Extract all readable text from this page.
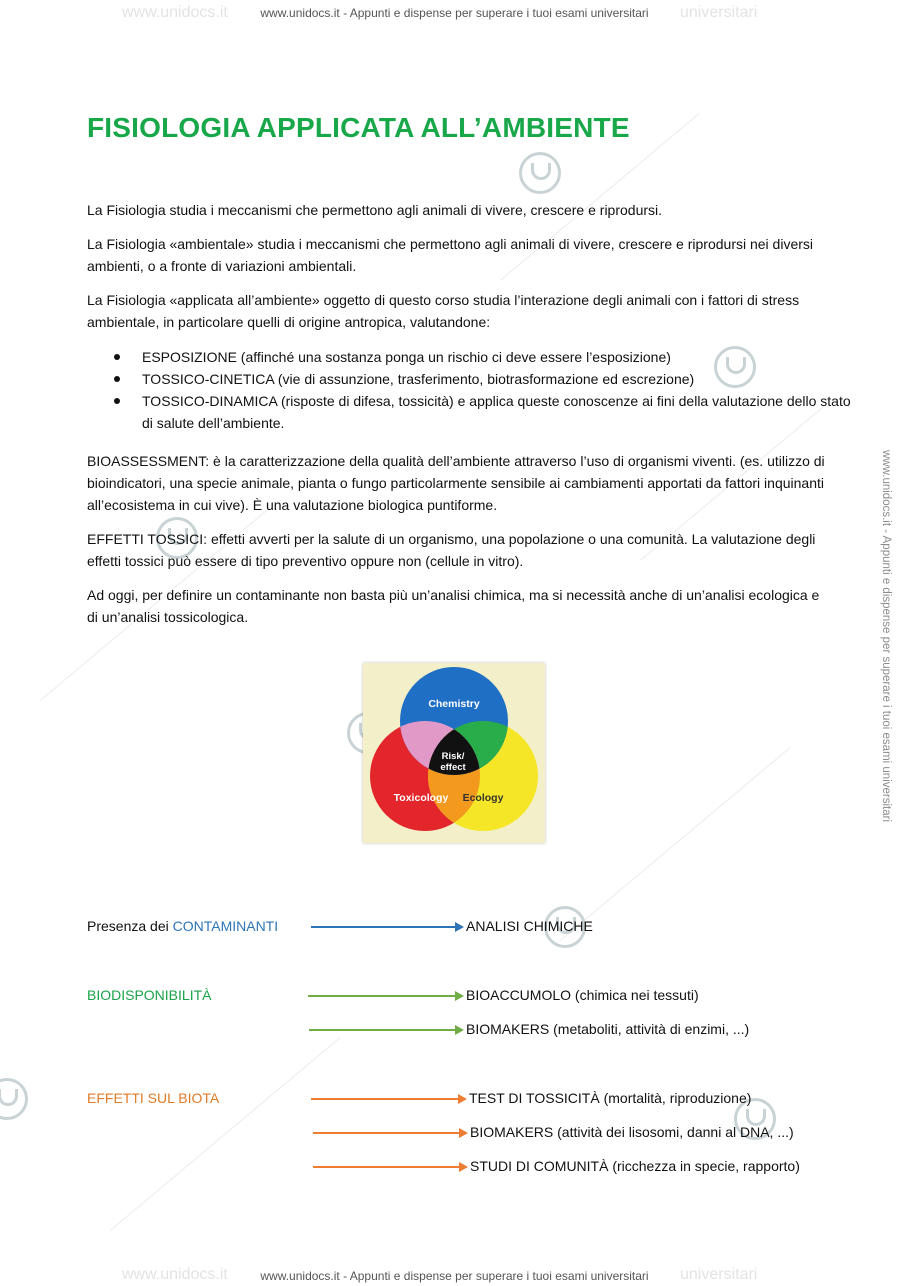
www.unidocs.it	universitari
www.unidocs.it - Appunti e dispense per superare i tuoi esami universitari
www.unidocs.it	universitari
www.unidocs.it - Appunti e dispense per superare i tuoi esami universitari
www.unidocs.it - Appunti e dispense per superare i tuoi esami universitari
FISIOLOGIA APPLICATA ALL’AMBIENTE

La Fisiologia studia i meccanismi che permettono agli animali di vivere, crescere e riprodursi.

La Fisiologia «ambientale» studia i meccanismi che permettono agli animali di vivere, crescere e riprodursi nei diversi ambienti, o a fronte di variazioni ambientali.

La Fisiologia «applicata all’ambiente» oggetto di questo corso studia l’interazione degli animali con i fattori di stress ambientale, in particolare quelli di origine antropica, valutandone:

ESPOSIZIONE (affinché una sostanza ponga un rischio ci deve essere l’esposizione)
TOSSICO-CINETICA (vie di assunzione, trasferimento, biotrasformazione ed escrezione)
TOSSICO-DINAMICA (risposte di difesa, tossicità) e applica queste conoscenze ai fini della valutazione dello stato di salute dell’ambiente.

BIOASSESSMENT: è la caratterizzazione della qualità dell’ambiente attraverso l’uso di organismi viventi. (es. utilizzo di bioindicatori, una specie animale, pianta o fungo particolarmente sensibile ai cambiamenti apportati da fattori inquinanti all’ecosistema in cui vive). È una valutazione biologica puntiforme.

EFFETTI TOSSICI: effetti avverti per la salute di un organismo, una popolazione o una comunità. La valutazione degli effetti tossici può essere di tipo preventivo oppure non (cellule in vitro).

Ad oggi, per definire un contaminante non basta più un’analisi chimica, ma si necessità anche di un’analisi ecologica e di un’analisi tossicologica.

Chemistry
Toxicology Ecology
Risk/
effect
Presenza dei CONTAMINANTI	ANALISI CHIMICHE
BIODISPONIBILITÀ	BIOACCUMOLO (chimica nei tessuti)
BIOMAKERS (metaboliti, attività di enzimi, ...)
EFFETTI SUL BIOTA	TEST DI TOSSICITÀ (mortalità, riproduzione)
BIOMAKERS (attività dei lisosomi, danni al DNA, ...)
STUDI DI COMUNITÀ (ricchezza in specie, rapporto)
